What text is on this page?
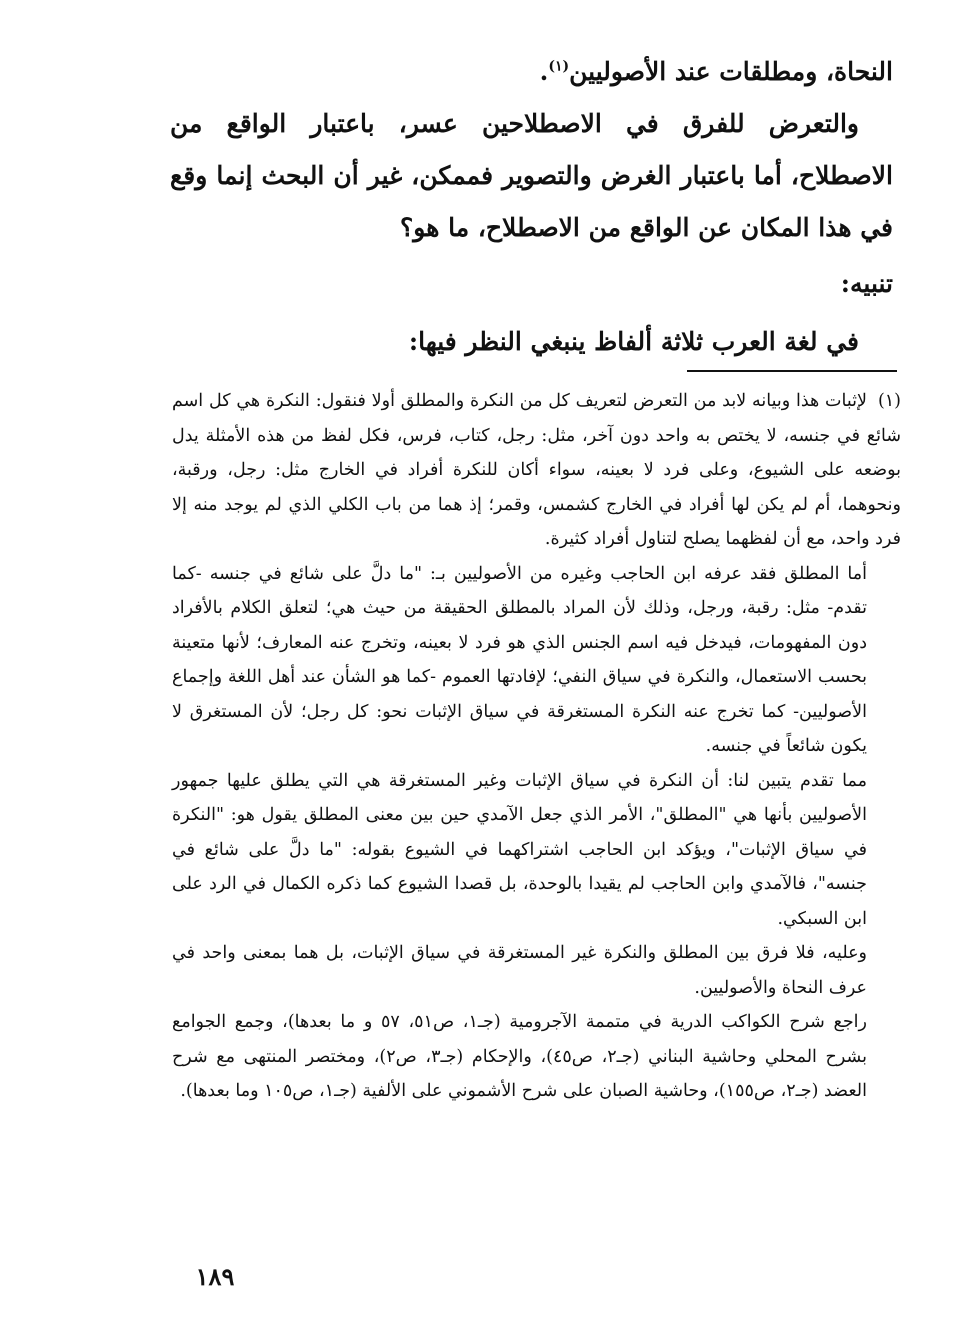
النحاة، ومطلقات عند الأصوليين$^{(١)}$.

والتعرض للفرق في الاصطلاحين عسر، باعتبار الواقع من الاصطلاح، أما باعتبار الغرض والتصوير فممكن، غير أن البحث إنما وقع في هذا المكان عن الواقع من الاصطلاح، ما هو؟

تنبيه:

في لغة العرب ثلاثة ألفاظ ينبغي النظر فيها:

(١)لإثبات هذا وبيانه لابد من التعرض لتعريف كل من النكرة والمطلق أولا فنقول: النكرة هي كل اسم شائع في جنسه، لا يختص به واحد دون آخر، مثل: رجل، كتاب، فرس، فكل لفظ من هذه الأمثلة يدل بوضعه على الشيوع، وعلى فرد لا بعينه، سواء أكان للنكرة أفراد في الخارج مثل: رجل، ورقبة، ونحوهما، أم لم يكن لها أفراد في الخارج كشمس، وقمر؛ إذ هما من باب الكلي الذي لم يوجد منه إلا فرد واحد، مع أن لفظهما يصلح لتناول أفراد كثيرة.

أما المطلق فقد عرفه ابن الحاجب وغيره من الأصوليين بـ: "ما دلَّ على شائع في جنسه -كما تقدم- مثل: رقبة، ورجل، وذلك لأن المراد بالمطلق الحقيقة من حيث هي؛ لتعلق الكلام بالأفراد دون المفهومات، فيدخل فيه اسم الجنس الذي هو فرد لا بعينه، وتخرج عنه المعارف؛ لأنها متعينة بحسب الاستعمال، والنكرة في سياق النفي؛ لإفادتها العموم -كما هو الشأن عند أهل اللغة وإجماع الأصوليين- كما تخرج عنه النكرة المستغرقة في سياق الإثبات نحو: كل رجل؛ لأن المستغرق لا يكون شائعاً في جنسه.

مما تقدم يتبين لنا: أن النكرة في سياق الإثبات وغير المستغرقة هي التي يطلق عليها جمهور الأصوليين بأنها هي "المطلق"، الأمر الذي جعل الآمدي حين بين معنى المطلق يقول هو: "النكرة في سياق الإثبات"، ويؤكد ابن الحاجب اشتراكهما في الشيوع بقوله: "ما دلَّ على شائع في جنسه"، فالآمدي وابن الحاجب لم يقيدا بالوحدة، بل قصدا الشيوع كما ذكره الكمال في الرد على ابن السبكي.

وعليه، فلا فرق بين المطلق والنكرة غير المستغرقة في سياق الإثبات، بل هما بمعنى واحد في عرف النحاة والأصوليين.

راجع شرح الكواكب الدرية في متممة الآجرومية (جـ١، ص٥١، ٥٧ و ما بعدها)، وجمع الجوامع بشرح المحلي وحاشية البناني (جـ٢، ص٤٥)، والإحكام (جـ٣، ص٢)، ومختصر المنتهى مع شرح العضد (جـ٢، ص١٥٥)، وحاشية الصبان على شرح الأشموني على الألفية (جـ١، ص١٠٥ وما بعدها).

١٨٩
